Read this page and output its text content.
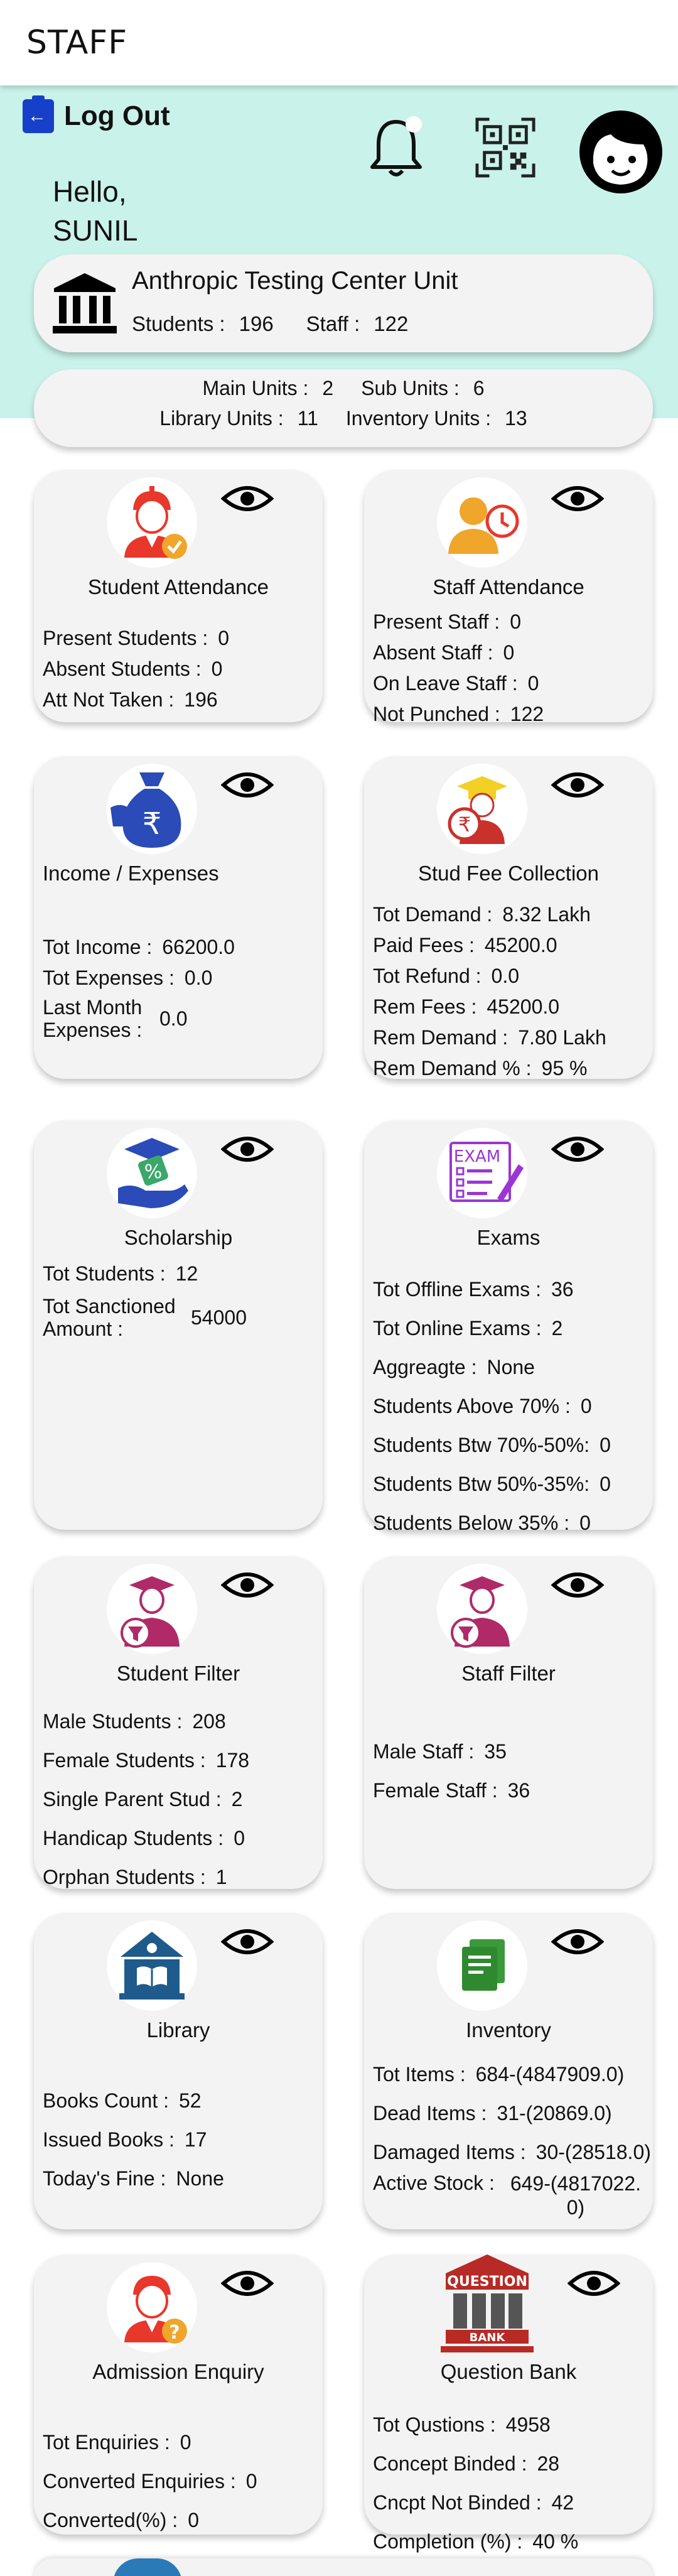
STAFF
← Log Out
Hello,
SUNIL
Anthropic Testing Center Unit
Students : 196 Staff : 122
Main Units : 2 Sub Units : 6
Library Units : 11 Inventory Units : 13
Student Attendance
Present Students : 0
Absent Students : 0
Att Not Taken : 196
Staff Attendance
Present Staff : 0
Absent Staff : 0
On Leave Staff : 0
Not Punched : 122
₹
Income / Expenses
Tot Income : 66200.0
Tot Expenses : 0.0
Last Month Expenses :
0.0
₹
Stud Fee Collection
Tot Demand : 8.32 Lakh
Paid Fees : 45200.0
Tot Refund : 0.0
Rem Fees : 45200.0
Rem Demand : 7.80 Lakh
Rem Demand % : 95 %
%
Scholarship
Tot Students : 12
Tot Sanctioned Amount :
54000
EXAM
Exams
Tot Offline Exams : 36
Tot Online Exams : 2
Aggreagte : None
Students Above 70% : 0
Students Btw 70%-50%: 0
Students Btw 50%-35%: 0
Students Below 35% : 0
Student Filter
Male Students : 208
Female Students : 178
Single Parent Stud : 2
Handicap Students : 0
Orphan Students : 1
Staff Filter
Male Staff : 35
Female Staff : 36
Library
Books Count : 52
Issued Books : 17
Today's Fine : None
Inventory
Tot Items : 684-(4847909.0)
Dead Items : 31-(20869.0)
Damaged Items : 30-(28518.0)
Active Stock : 649-(4817022.0)
?
Admission Enquiry
Tot Enquiries : 0
Converted Enquiries : 0
Converted(%) : 0
QUESTION
BANK
Question Bank
Tot Qustions : 4958
Concept Binded : 28
Cncpt Not Binded : 42
Completion (%) : 40 %
